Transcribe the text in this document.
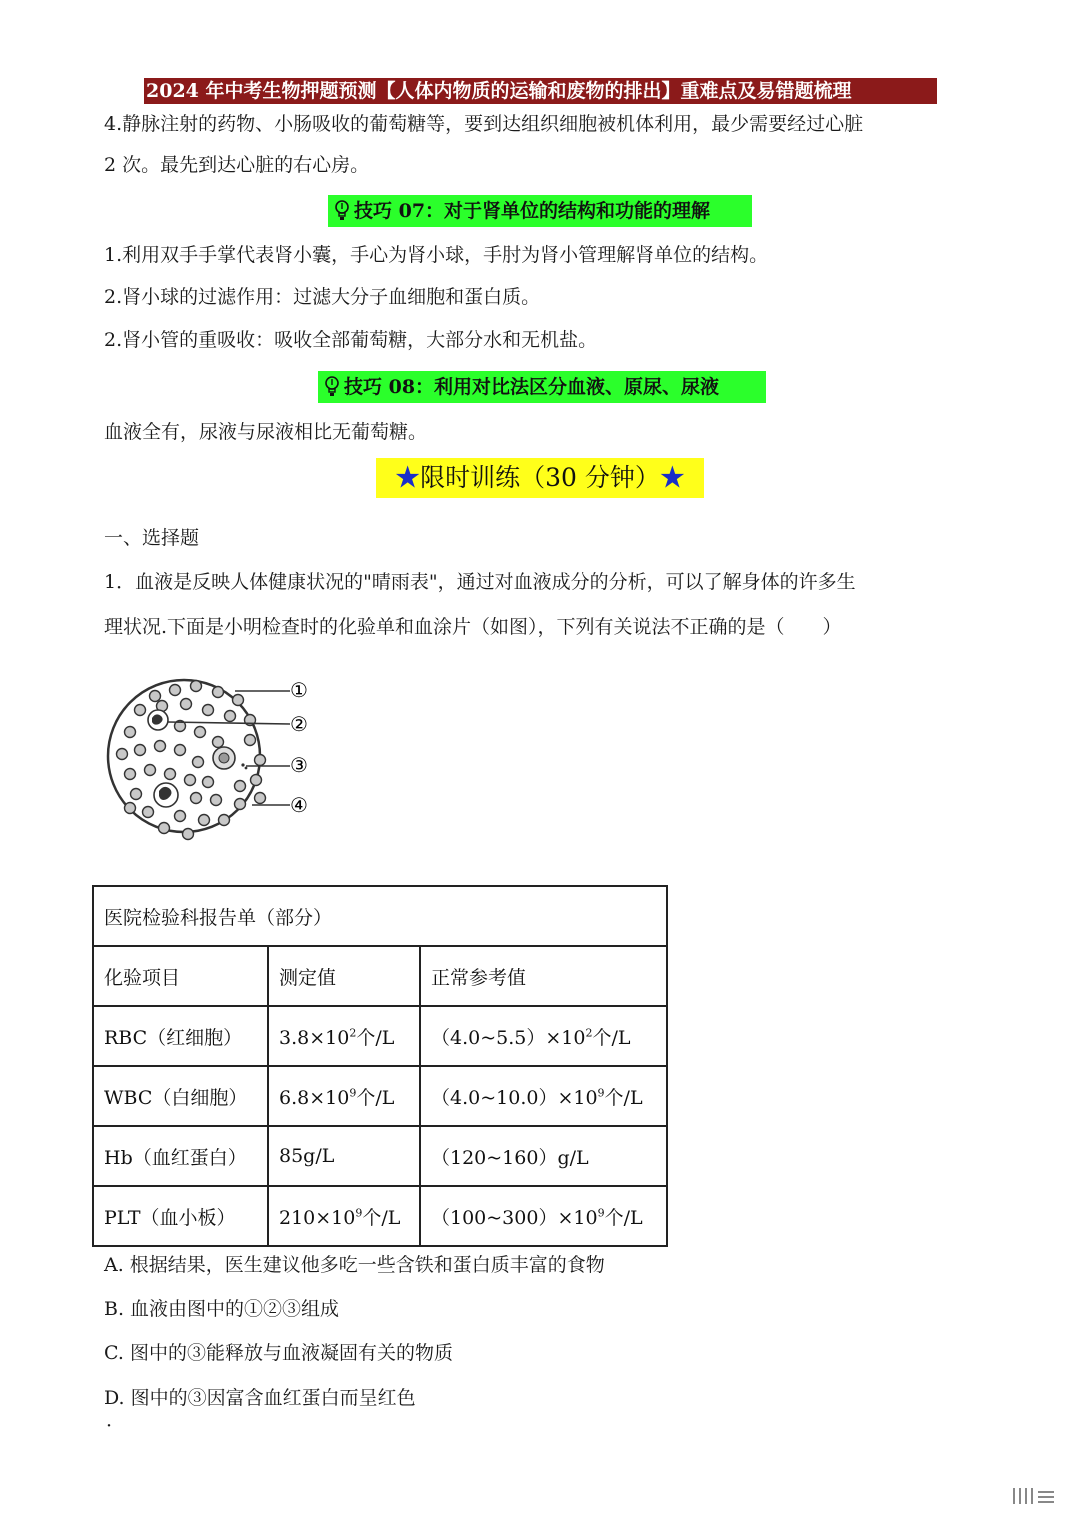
2024 年中考生物押题预测【人体内物质的运输和废物的排出】重难点及易错题梳理
4.静脉注射的药物、小肠吸收的葡萄糖等，要到达组织细胞被机体利用，最少需要经过心脏
2 次。最先到达心脏的右心房。
技巧 07：对于肾单位的结构和功能的理解
1.利用双手手掌代表肾小囊，手心为肾小球，手肘为肾小管理解肾单位的结构。
2.肾小球的过滤作用：过滤大分子血细胞和蛋白质。
2.肾小管的重吸收：吸收全部葡萄糖，大部分水和无机盐。
技巧 08：利用对比法区分血液、原尿、尿液
血液全有，尿液与尿液相比无葡萄糖。
★限时训练（30 分钟）★
一、选择题
1．血液是反映人体健康状况的"晴雨表"，通过对血液成分的分析，可以了解身体的许多生
理状况.下面是小明检查时的化验单和血涂片（如图），下列有关说法不正确的是（　　）
①
②
③
④
医院检验科报告单（部分）		
化验项目	测定值	正常参考值
RBC（红细胞）	$3.8\times 10^2$个/L	$(4.0\sim 5.5)\times 10^2$个/L
WBC（白细胞）	$6.8\times 10^9$个/L	$(4.0\sim 10.0)\times 10^9$个/L
Hb（血红蛋白）	85g/L	（120~160）g/L
PLT（血小板）	$210\times 10^9$个/L	$(100\sim 300)\times 10^9$个/L
A. 根据结果，医生建议他多吃一些含铁和蛋白质丰富的食物
B. 血液由图中的①②③组成
C. 图中的③能释放与血液凝固有关的物质
D. 图中的③因富含血红蛋白而呈红色
·
